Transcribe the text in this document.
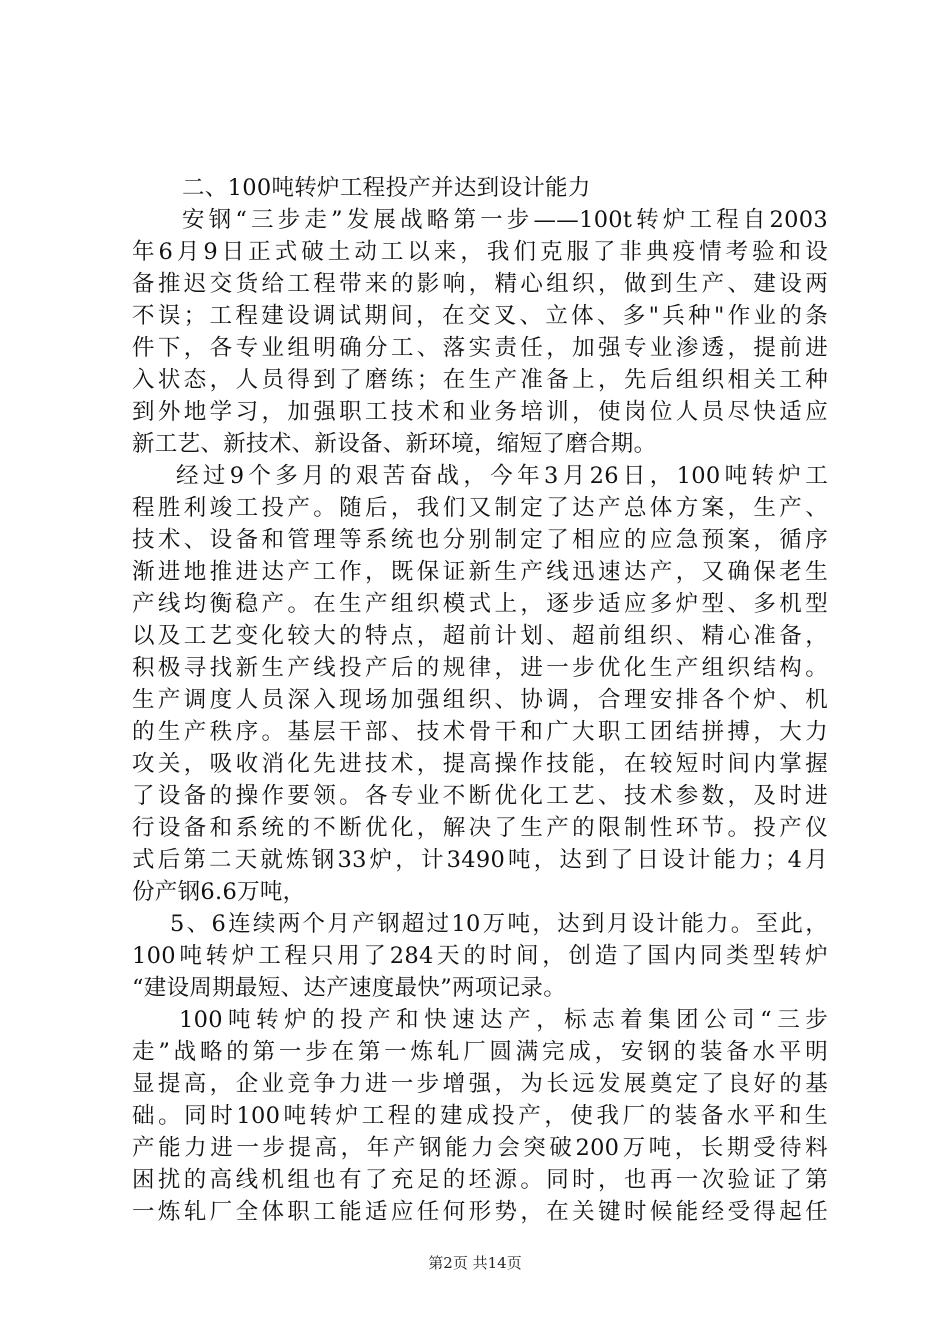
二、100吨转炉工程投产并达到设计能力
安钢“三步走”发展战略第一步——100t转炉工程自2003
年6月9日正式破土动工以来，我们克服了非典疫情考验和设
备推迟交货给工程带来的影响，精心组织，做到生产、建设两
不误；工程建设调试期间，在交叉、立体、多"兵种"作业的条
件下，各专业组明确分工、落实责任，加强专业渗透，提前进
入状态，人员得到了磨练；在生产准备上，先后组织相关工种
到外地学习，加强职工技术和业务培训，使岗位人员尽快适应
新工艺、新技术、新设备、新环境，缩短了磨合期。
经过9个多月的艰苦奋战，今年3月26日，100吨转炉工
程胜利竣工投产。随后，我们又制定了达产总体方案，生产、
技术、设备和管理等系统也分别制定了相应的应急预案，循序
渐进地推进达产工作，既保证新生产线迅速达产，又确保老生
产线均衡稳产。在生产组织模式上，逐步适应多炉型、多机型
以及工艺变化较大的特点，超前计划、超前组织、精心准备，
积极寻找新生产线投产后的规律，进一步优化生产组织结构。
生产调度人员深入现场加强组织、协调，合理安排各个炉、机
的生产秩序。基层干部、技术骨干和广大职工团结拼搏，大力
攻关，吸收消化先进技术，提高操作技能，在较短时间内掌握
了设备的操作要领。各专业不断优化工艺、技术参数，及时进
行设备和系统的不断优化，解决了生产的限制性环节。投产仪
式后第二天就炼钢33炉，计3490吨，达到了日设计能力；4月
份产钢6.6万吨，
5、6连续两个月产钢超过10万吨，达到月设计能力。至此，
100吨转炉工程只用了284天的时间，创造了国内同类型转炉
“建设周期最短、达产速度最快”两项记录。
100吨转炉的投产和快速达产，标志着集团公司“三步
走”战略的第一步在第一炼轧厂圆满完成，安钢的装备水平明
显提高，企业竞争力进一步增强，为长远发展奠定了良好的基
础。同时100吨转炉工程的建成投产，使我厂的装备水平和生
产能力进一步提高，年产钢能力会突破200万吨，长期受待料
困扰的高线机组也有了充足的坯源。同时，也再一次验证了第
一炼轧厂全体职工能适应任何形势，在关键时候能经受得起任
第2页 共14页
